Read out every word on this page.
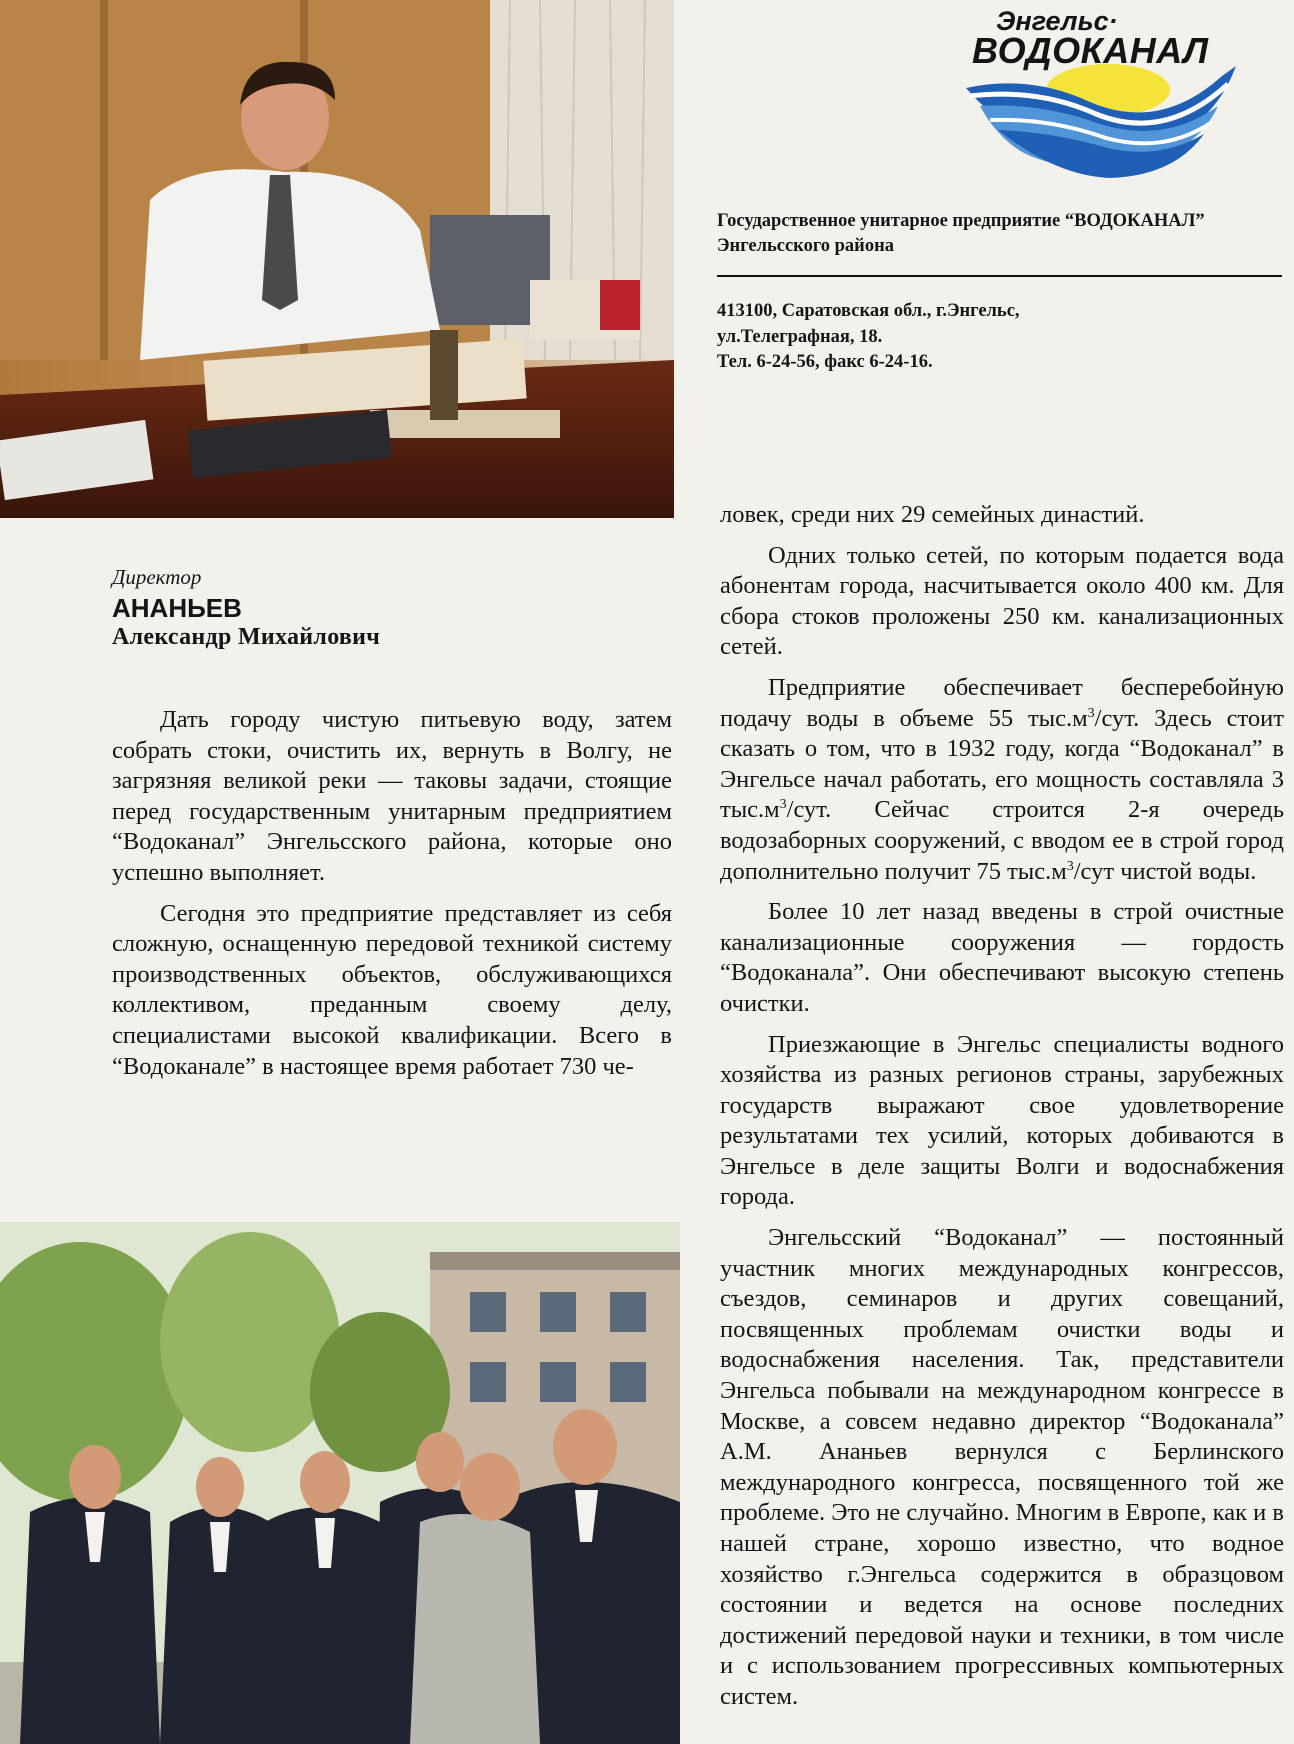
Энгельс·
ВОДОКАНАЛ

Государственное унитарное предприятие “ВОДОКАНАЛ” Энгельсского района

413100, Саратовская обл., г.Энгельс,
ул.Телеграфная, 18.
Тел. 6-24-56, факс 6-24-16.

Директор

АНАНЬЕВ

Александр Михайлович

Дать городу чистую питьевую воду, затем собрать стоки, очистить их, вернуть в Волгу, не загрязняя великой реки — таковы задачи, стоящие перед государственным унитарным предприятием “Водоканал” Энгельсского района, которые оно успешно выполняет.

Сегодня это предприятие представляет из себя сложную, оснащенную передовой техникой систему производственных объектов, обслуживающихся коллективом, преданным своему делу, специалистами высокой квалификации. Всего в “Водоканале” в настоящее время работает 730 че-

ловек, среди них 29 семейных династий.

Одних только сетей, по которым подается вода абонентам города, насчитывается около 400 км. Для сбора стоков проложены 250 км. канализационных сетей.

Предприятие обеспечивает бесперебойную подачу воды в объеме 55 $тыс.м^3$/сут. Здесь стоит сказать о том, что в 1932 году, когда “Водоканал” в Энгельсе начал работать, его мощность составляла 3 $тыс.м^3$/сут. Сейчас строится 2-я очередь водозаборных сооружений, с вводом ее в строй город дополнительно получит 75 $тыс.м^3$/сут чистой воды.

Более 10 лет назад введены в строй очистные канализационные сооружения — гордость “Водоканала”. Они обеспечивают высокую степень очистки.

Приезжающие в Энгельс специалисты водного хозяйства из разных регионов страны, зарубежных государств выражают свое удовлетворение результатами тех усилий, которых добиваются в Энгельсе в деле защиты Волги и водоснабжения города.

Энгельсский “Водоканал” — постоянный участник многих международных конгрессов, съездов, семинаров и других совещаний, посвященных проблемам очистки воды и водоснабжения населения. Так, представители Энгельса побывали на международном конгрессе в Москве, а совсем недавно директор “Водоканала” А.М. Ананьев вернулся с Берлинского международного конгресса, посвященного той же проблеме. Это не случайно. Многим в Европе, как и в нашей стране, хорошо известно, что водное хозяйство г.Энгельса содержится в образцовом состоянии и ведется на основе последних достижений передовой науки и техники, в том числе и с использованием прогрессивных компьютерных систем.
